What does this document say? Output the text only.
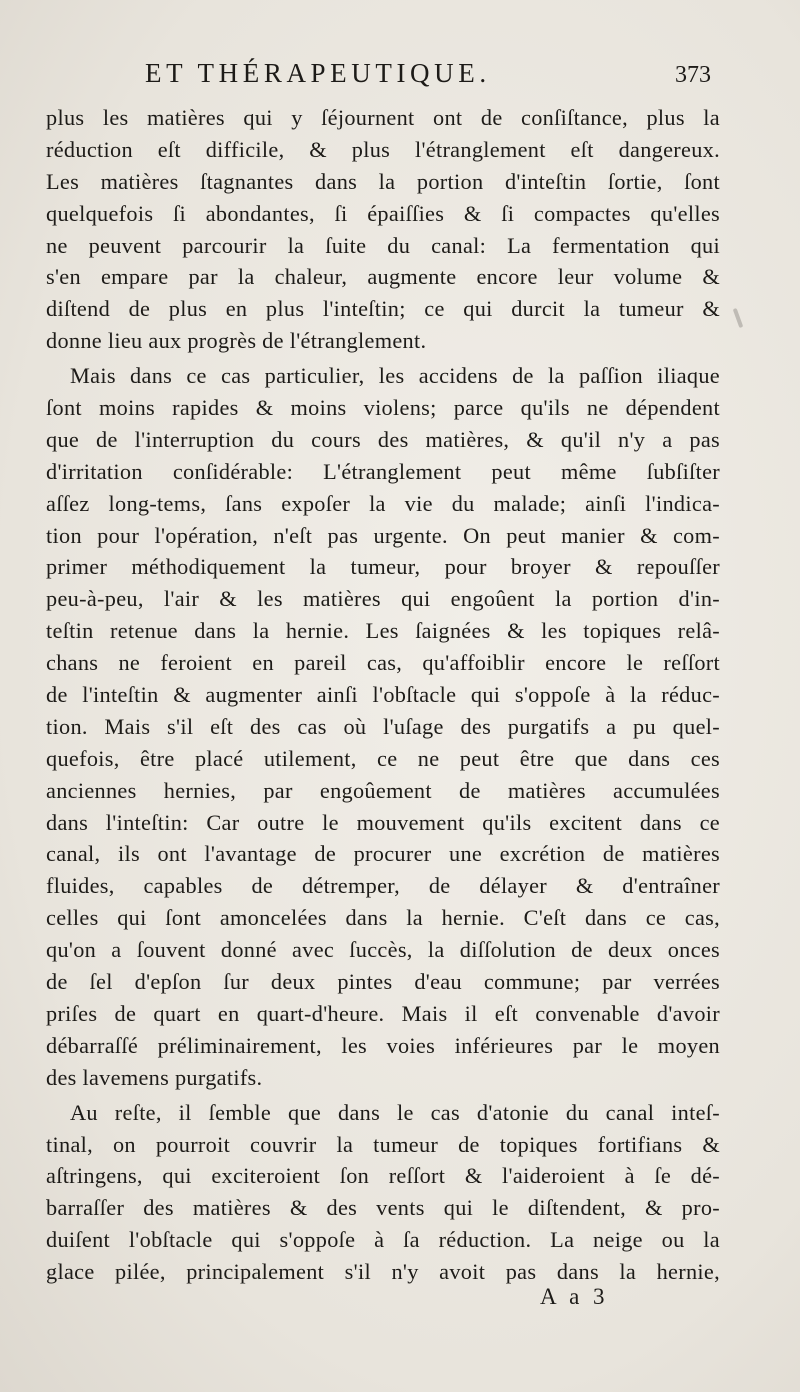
ET THÉRAPEUTIQUE.	373
plus les matières qui y ſéjournent ont de conſiſtance, plus la
réduction eſt difficile, & plus l'étranglement eſt dangereux.
Les matières ſtagnantes dans la portion d'inteſtin ſortie, ſont
quelquefois ſi abondantes, ſi épaiſſies & ſi compactes qu'elles
ne peuvent parcourir la ſuite du canal: La fermentation qui
s'en empare par la chaleur, augmente encore leur volume &
diſtend de plus en plus l'inteſtin; ce qui durcit la tumeur &
donne lieu aux progrès de l'étranglement.
Mais dans ce cas particulier, les accidens de la paſſion iliaque
ſont moins rapides & moins violens; parce qu'ils ne dépendent
que de l'interruption du cours des matières, & qu'il n'y a pas
d'irritation conſidérable: L'étranglement peut même ſubſiſter
aſſez long-tems, ſans expoſer la vie du malade; ainſi l'indica-
tion pour l'opération, n'eſt pas urgente. On peut manier & com-
primer méthodiquement la tumeur, pour broyer & repouſſer
peu-à-peu, l'air & les matières qui engoûent la portion d'in-
teſtin retenue dans la hernie. Les ſaignées & les topiques relâ-
chans ne feroient en pareil cas, qu'affoiblir encore le reſſort
de l'inteſtin & augmenter ainſi l'obſtacle qui s'oppoſe à la réduc-
tion. Mais s'il eſt des cas où l'uſage des purgatifs a pu quel-
quefois, être placé utilement, ce ne peut être que dans ces
anciennes hernies, par engoûement de matières accumulées
dans l'inteſtin: Car outre le mouvement qu'ils excitent dans ce
canal, ils ont l'avantage de procurer une excrétion de matières
fluides, capables de détremper, de délayer & d'entraîner
celles qui ſont amoncelées dans la hernie. C'eſt dans ce cas,
qu'on a ſouvent donné avec ſuccès, la diſſolution de deux onces
de ſel d'epſon ſur deux pintes d'eau commune; par verrées
priſes de quart en quart-d'heure. Mais il eſt convenable d'avoir
débarraſſé préliminairement, les voies inférieures par le moyen
des lavemens purgatifs.
Au reſte, il ſemble que dans le cas d'atonie du canal inteſ-
tinal, on pourroit couvrir la tumeur de topiques fortifians &
aſtringens, qui exciteroient ſon reſſort & l'aideroient à ſe dé-
barraſſer des matières & des vents qui le diſtendent, & pro-
duiſent l'obſtacle qui s'oppoſe à ſa réduction. La neige ou la
glace pilée, principalement s'il n'y avoit pas dans la hernie,
A a 3
